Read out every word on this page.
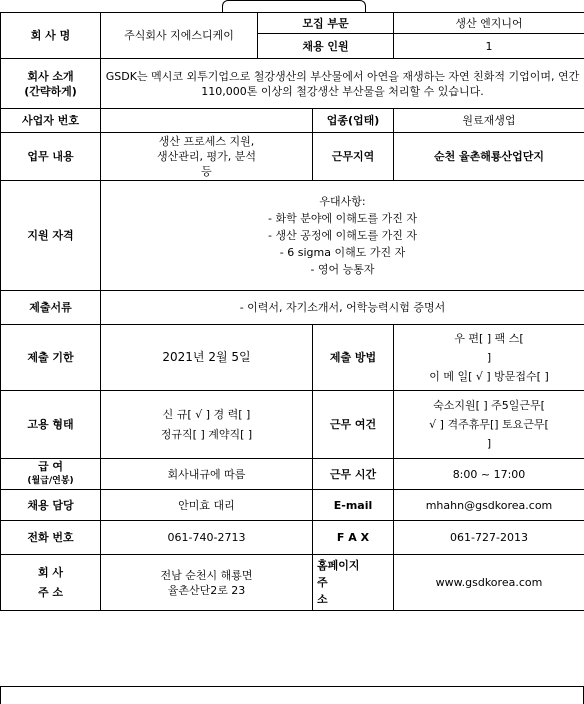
회 사 명	주식회사 지에스디케이	모집 부문		생산 엔지니어
		채용 인원		1

회사 소개
(간략하게)	GSDK는 멕시코 외투기업으로 철강생산의 부산물에서 아연을 재생하는 자연 친화적 기업이며, 연간 110,000톤 이상의 철강생산 부산물을 처리할 수 있습니다.			
사업자 번호			업종(업태)	원료재생업
업무 내용	생산 프로세스 지원,
생산관리, 평가, 분석
등		근무지역	순천 율촌해룡산업단지
지원 자격	우대사항:
- 화학 분야에 이해도를 가진 자
- 생산 공정에 이해도를 가진 자
- 6 sigma 이해도 가진 자
- 영어 능통자			

제출서류	- 이력서, 자기소개서, 어학능력시험 증명서			
제출 기한	2021년 2월 5일		제출 방법	우 편[ ] 팩 스[
]
이 메 일[ √ ] 방문접수[ ]

고용 형태	신 규[ √ ] 경 력[ ]
정규직[ ] 계약직[ ]		근무 여건	숙소지원[ ] 주5일근무[
√ ] 격주휴무[] 토요근무[
]

급 여
(월급/연봉)	회사내규에 따름		근무 시간	8:00 ~ 17:00
채용 담당	안미효 대리		E-mail	mhahn@gsdkorea.com
전화 번호	061-740-2713		F A X	061-727-2013

회 사
주 소	전남 순천시 해룡면
율촌산단2로 23		홈페이지
주
소	www.gsdkorea.com
